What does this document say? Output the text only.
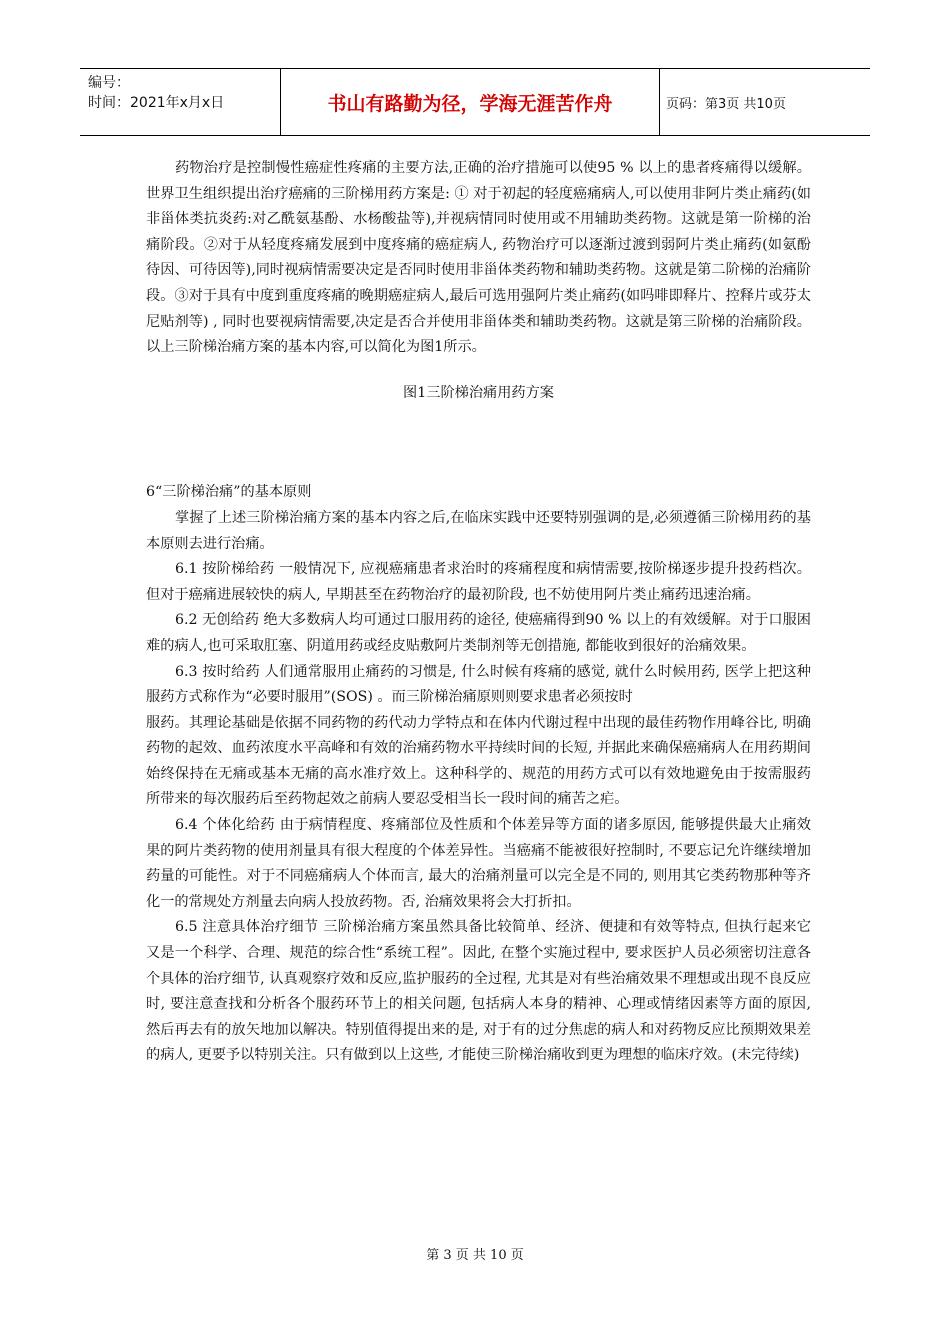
编号：
时间：2021年x月x日	书山有路勤为径，学海无涯苦作舟	页码：第3页 共10页

药物治疗是控制慢性癌症性疼痛的主要方法,正确的治疗措施可以使95 % 以上的患者疼痛得以缓解。世界卫生组织提出治疗癌痛的三阶梯用药方案是: ① 对于初起的轻度癌痛病人,可以使用非阿片类止痛药(如非甾体类抗炎药:对乙酰氨基酚、水杨酸盐等),并视病情同时使用或不用辅助类药物。这就是第一阶梯的治痛阶段。②对于从轻度疼痛发展到中度疼痛的癌症病人, 药物治疗可以逐渐过渡到弱阿片类止痛药(如氨酚待因、可待因等),同时视病情需要决定是否同时使用非甾体类药物和辅助类药物。这就是第二阶梯的治痛阶段。③对于具有中度到重度疼痛的晚期癌症病人,最后可选用强阿片类止痛药(如吗啡即释片、控释片或芬太尼贴剂等) , 同时也要视病情需要,决定是否合并使用非甾体类和辅助类药物。这就是第三阶梯的治痛阶段。以上三阶梯治痛方案的基本内容,可以简化为图1所示。

图1三阶梯治痛用药方案

6“三阶梯治痛”的基本原则

掌握了上述三阶梯治痛方案的基本内容之后,在临床实践中还要特别强调的是,必须遵循三阶梯用药的基本原则去进行治痛。

6.1 按阶梯给药 一般情况下, 应视癌痛患者求治时的疼痛程度和病情需要,按阶梯逐步提升投药档次。但对于癌痛进展较快的病人, 早期甚至在药物治疗的最初阶段, 也不妨使用阿片类止痛药迅速治痛。

6.2 无创给药 绝大多数病人均可通过口服用药的途径, 使癌痛得到90 % 以上的有效缓解。对于口服困难的病人,也可采取肛塞、阴道用药或经皮贴敷阿片类制剂等无创措施, 都能收到很好的治痛效果。

6.3 按时给药 人们通常服用止痛药的习惯是, 什么时候有疼痛的感觉, 就什么时候用药, 医学上把这种服药方式称作为“必要时服用”(SOS) 。而三阶梯治痛原则则要求患者必须按时

服药。其理论基础是依据不同药物的药代动力学特点和在体内代谢过程中出现的最佳药物作用峰谷比, 明确药物的起效、血药浓度水平高峰和有效的治痛药物水平持续时间的长短, 并据此来确保癌痛病人在用药期间始终保持在无痛或基本无痛的高水准疗效上。这种科学的、规范的用药方式可以有效地避免由于按需服药所带来的每次服药后至药物起效之前病人要忍受相当长一段时间的痛苦之疟。

6.4 个体化给药 由于病情程度、疼痛部位及性质和个体差异等方面的诸多原因, 能够提供最大止痛效果的阿片类药物的使用剂量具有很大程度的个体差异性。当癌痛不能被很好控制时, 不要忘记允许继续增加药量的可能性。对于不同癌痛病人个体而言, 最大的治痛剂量可以完全是不同的, 则用其它类药物那种等齐化一的常规处方剂量去向病人投放药物。否, 治痛效果将会大打折扣。

6.5 注意具体治疗细节 三阶梯治痛方案虽然具备比较简单、经济、便捷和有效等特点, 但执行起来它又是一个科学、合理、规范的综合性“系统工程”。因此, 在整个实施过程中, 要求医护人员必须密切注意各个具体的治疗细节, 认真观察疗效和反应,监护服药的全过程, 尤其是对有些治痛效果不理想或出现不良反应时, 要注意查找和分析各个服药环节上的相关问题, 包括病人本身的精神、心理或情绪因素等方面的原因, 然后再去有的放矢地加以解决。特别值得提出来的是, 对于有的过分焦虑的病人和对药物反应比预期效果差的病人, 更要予以特别关注。只有做到以上这些, 才能使三阶梯治痛收到更为理想的临床疗效。(未完待续)

第 3 页 共 10 页
